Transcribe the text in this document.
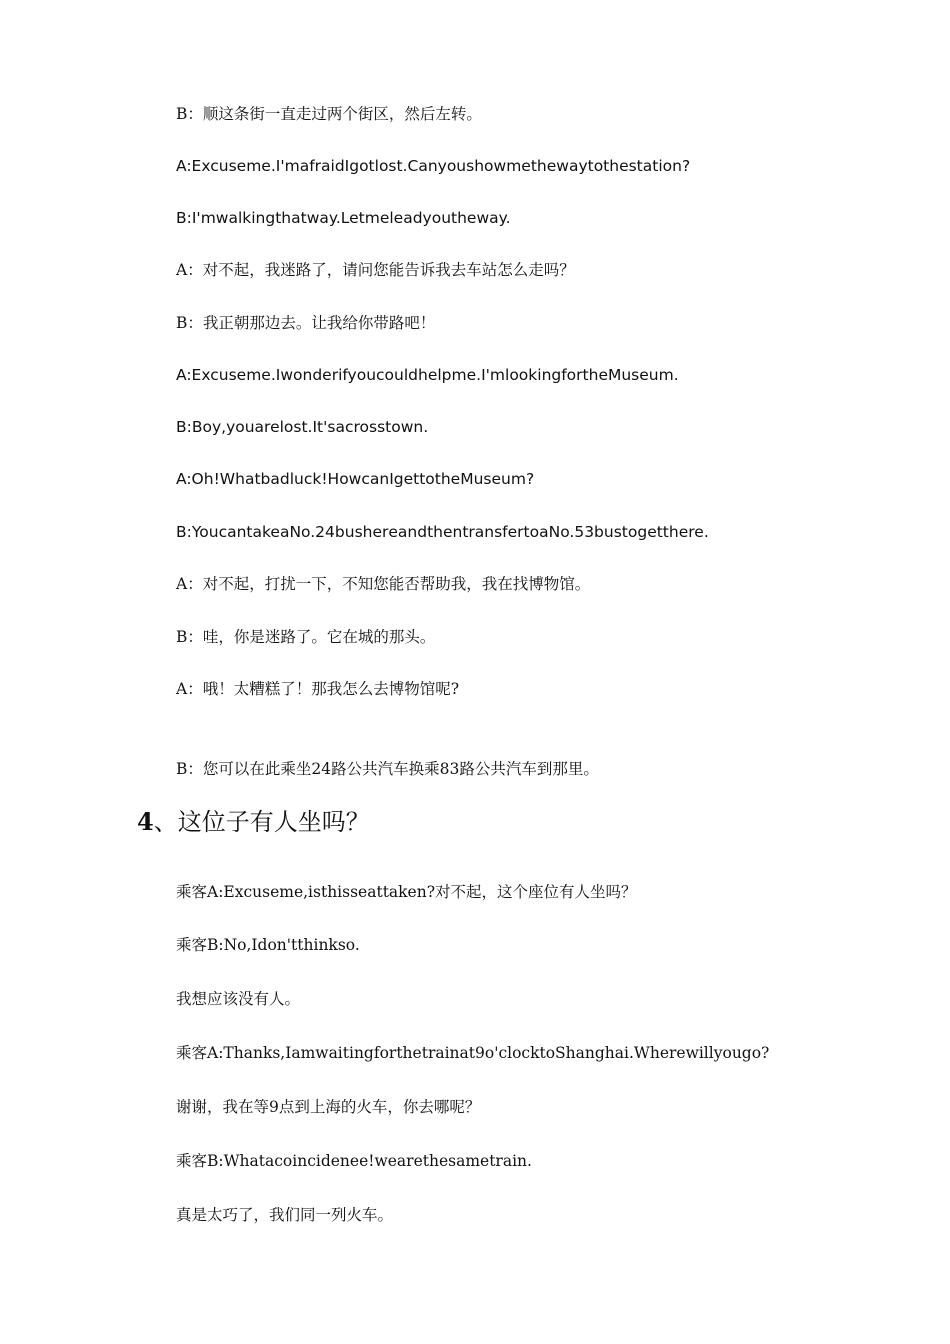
B：顺这条街一直走过两个街区，然后左转。
A:Excuseme.I'mafraidIgotlost.Canyoushowmethewaytothestation?
B:I'mwalkingthatway.Letmeleadyoutheway.
A：对不起，我迷路了，请问您能告诉我去车站怎么走吗？
B：我正朝那边去。让我给你带路吧！
A:Excuseme.Iwonderifyoucouldhelpme.I'mlookingfortheMuseum.
B:Boy,youarelost.It'sacrosstown.
A:Oh!Whatbadluck!HowcanIgettotheMuseum?
B:YoucantakeaNo.24busherеandthentransfertoaNo.53bustogetthere.
A：对不起，打扰一下，不知您能否帮助我，我在找博物馆。
B：哇，你是迷路了。它在城的那头。
A：哦！太糟糕了！那我怎么去博物馆呢?
B：您可以在此乘坐24路公共汽车换乘83路公共汽车到那里。
4、这位子有人坐吗？
乘客A:Excuseme,isthisseattaken?对不起，这个座位有人坐吗？
乘客B:No,Idon'tthinkso.
我想应该没有人。
乘客A:Thanks,Iamwaitingforthetrainat9o'clocktoShanghai.Wherewillyougo?
谢谢，我在等9点到上海的火车，你去哪呢？
乘客B:Whatacoincidenee!wearethesametrain.
真是太巧了，我们同一列火车。
